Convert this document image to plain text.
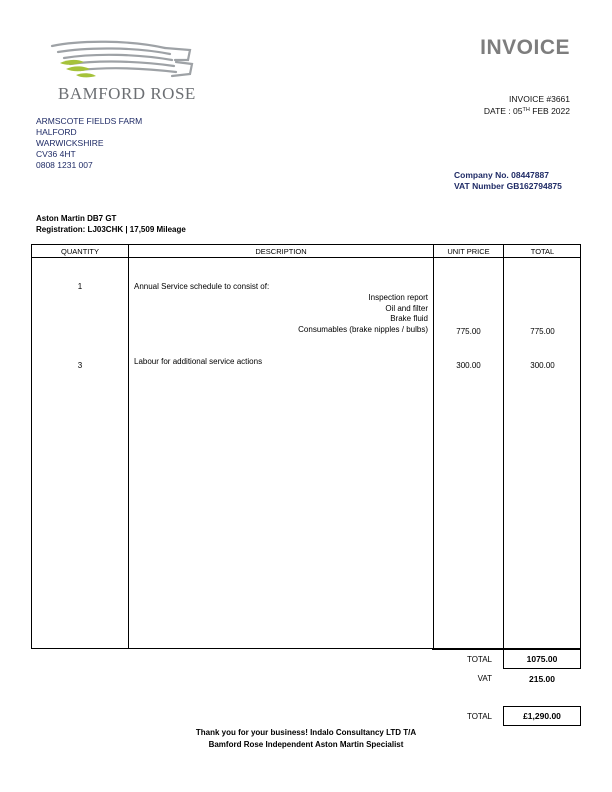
BAMFORD ROSE
INVOICE
INVOICE #3661
DATE : 05TH FEB 2022
ARMSCOTE FIELDS FARM
HALFORD
WARWICKSHIRE
CV36 4HT
0808 1231 007
Company No. 08447887
VAT Number GB162794875
Aston Martin DB7 GT
Registration: LJ03CHK | 17,509 Mileage
QUANTITY	DESCRIPTION	UNIT PRICE	TOTAL
1	Annual Service schedule to consist of:
Inspection report
Oil and filter
Brake fluid
Consumables (brake nipples / bulbs)	775.00	775.00
3	Labour for additional service actions	300.00	300.00
TOTAL	1075.00
VAT	215.00
TOTAL	£1,290.00
Thank you for your business! Indalo Consultancy LTD T/A
Bamford Rose Independent Aston Martin Specialist
